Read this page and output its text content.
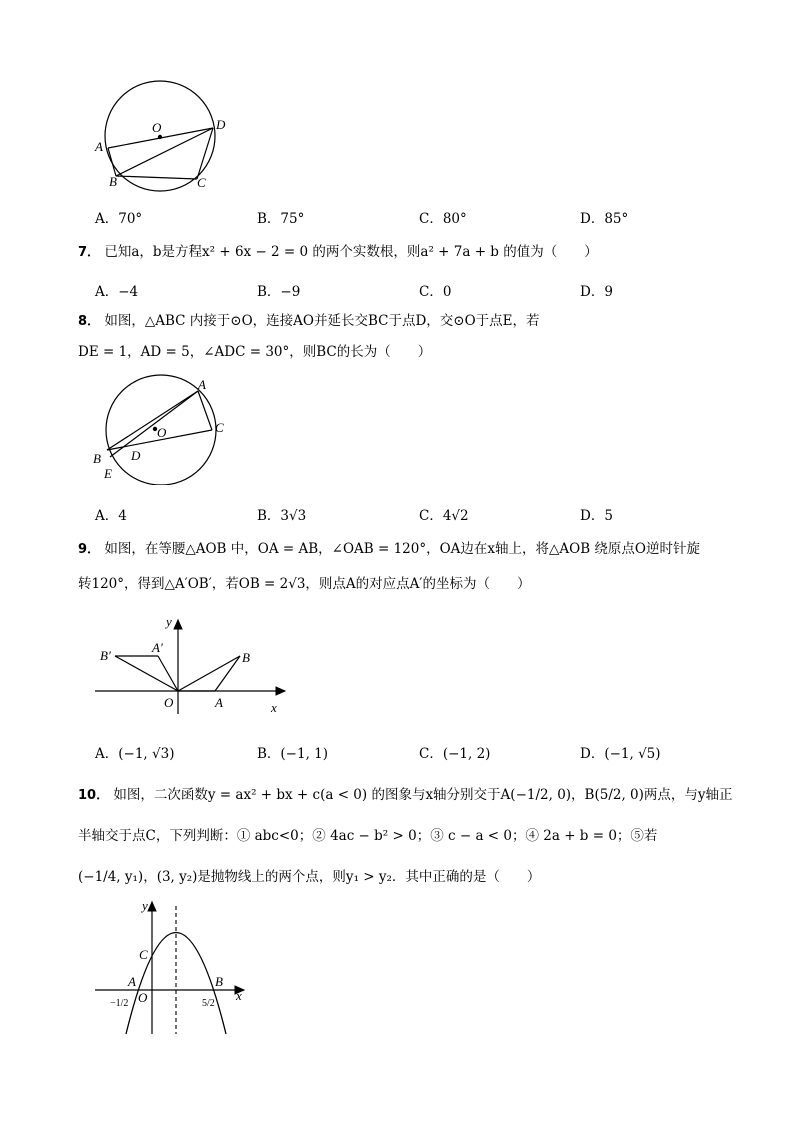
O
A
B	C
D
A．70°	B．75°	C．80°	D．85°
7． 已知a，b是方程x² + 6x − 2 = 0 的两个实数根，则a² + 7a + b 的值为（　　）
A．−4	B．−9	C．0	D．9
8． 如图，△ABC 内接于⊙O，连接AO并延长交BC于点D，交⊙O于点E，若
DE = 1，AD = 5，∠ADC = 30°，则BC的长为（　　）
O
A
B
C
D
E
A．4	B．3√3	C．4√2	D．5
9． 如图，在等腰△AOB 中，OA = AB，∠OAB = 120°，OA边在x轴上，将△AOB 绕原点O逆时针旋
转120°，得到△A′OB′，若OB = 2√3，则点A的对应点A′的坐标为（　　）
y
x
O	A
B
A′
B′
A．(−1, √3)	B．(−1, 1)	C．(−1, 2)	D．(−1, √5)
10． 如图，二次函数y = ax² + bx + c(a < 0) 的图象与x轴分别交于A(−1/2, 0)，B(5/2, 0)两点，与y轴正
半轴交于点C，下列判断：① abc<0；② 4ac − b² > 0；③ c − a < 0；④ 2a + b = 0；⑤若
(−1/4, y₁)，(3, y₂)是抛物线上的两个点，则y₁ > y₂．其中正确的是（　　）
y
x
O
A	B
C
−1/2	5/2
